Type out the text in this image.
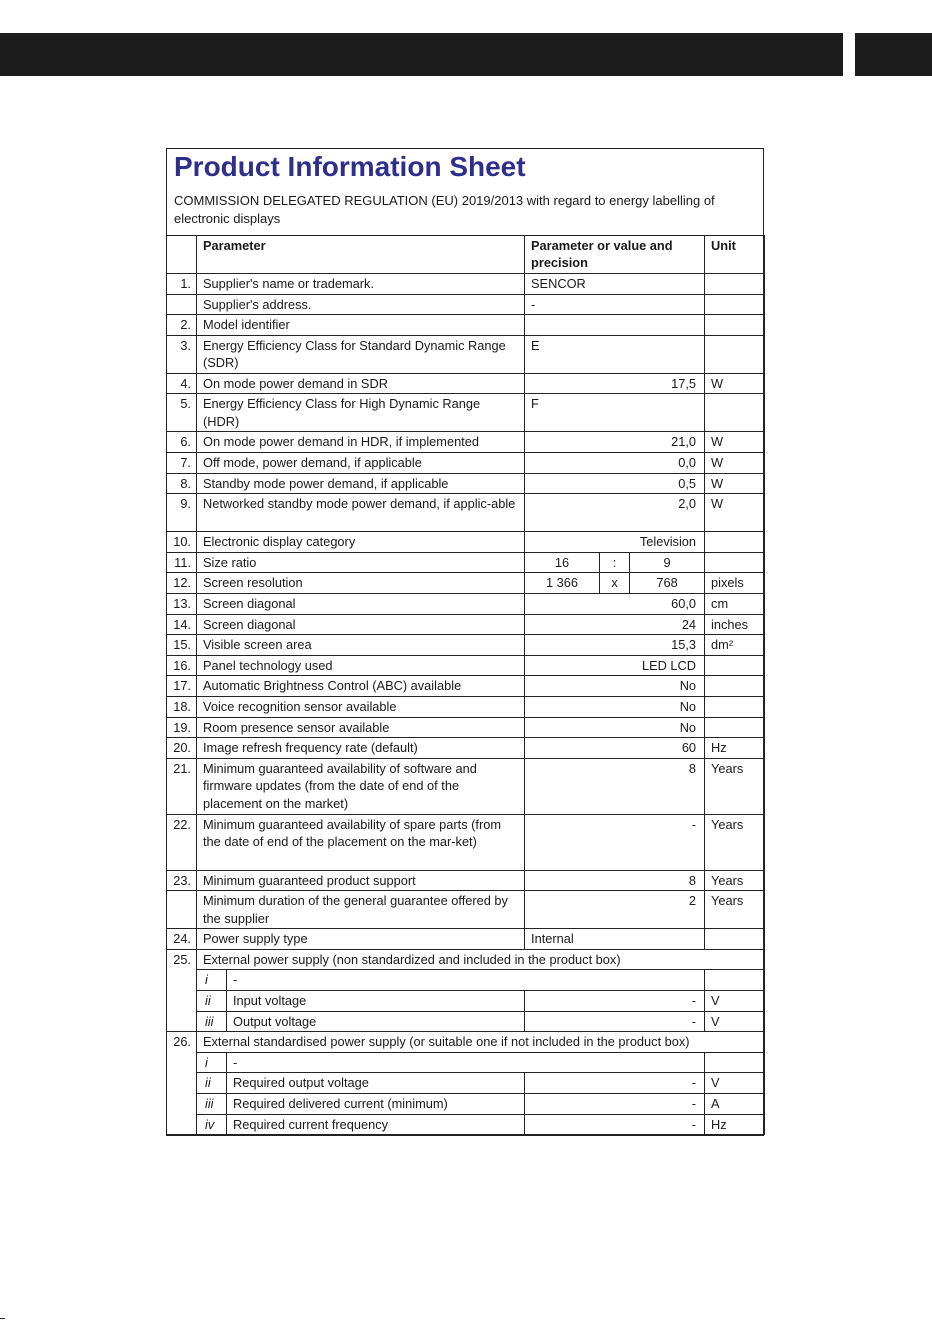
Product Information Sheet
COMMISSION DELEGATED REGULATION (EU) 2019/2013 with regard to energy labelling of electronic displays
	Parameter		Parameter or value and precision			Unit
1.	Supplier's name or trademark.		SENCOR			
	Supplier's address.		-			
2.	Model identifier					
3.	Energy Efficiency Class for Standard Dynamic Range (SDR)		E			
4.	On mode power demand in SDR		17,5			W
5.	Energy Efficiency Class for High Dynamic Range (HDR)		F			
6.	On mode power demand in HDR, if implemented		21,0			W
7.	Off mode, power demand, if applicable		0,0			W
8.	Standby mode power demand, if applicable		0,5			W
9.	Networked standby mode power demand, if applic-able		2,0			W
10.	Electronic display category		Television			
11.	Size ratio		16	:	9	
12.	Screen resolution		1 366	x	768	pixels
13.	Screen diagonal		60,0			cm
14.	Screen diagonal		24			inches
15.	Visible screen area		15,3			dm²
16.	Panel technology used		LED LCD			
17.	Automatic Brightness Control (ABC) available		No			
18.	Voice recognition sensor available		No			
19.	Room presence sensor available		No			
20.	Image refresh frequency rate (default)		60			Hz
21.	Minimum guaranteed availability of software and firmware updates (from the date of end of the placement on the market)		8			Years
22.	Minimum guaranteed availability of spare parts (from the date of end of the placement on the mar-ket)		-			Years
23.	Minimum guaranteed product support		8			Years
	Minimum duration of the general guarantee offered by the supplier		2			Years
24.	Power supply type		Internal			
25.	External power supply (non standardized and included in the product box)					
	i	-				
	ii	Input voltage	-			V
	iii	Output voltage	-			V
26.	External standardised power supply (or suitable one if not included in the product box)					
	i	-				
	ii	Required output voltage	-			V
	iii	Required delivered current (minimum)	-			A
	iv	Required current frequency	-			Hz
